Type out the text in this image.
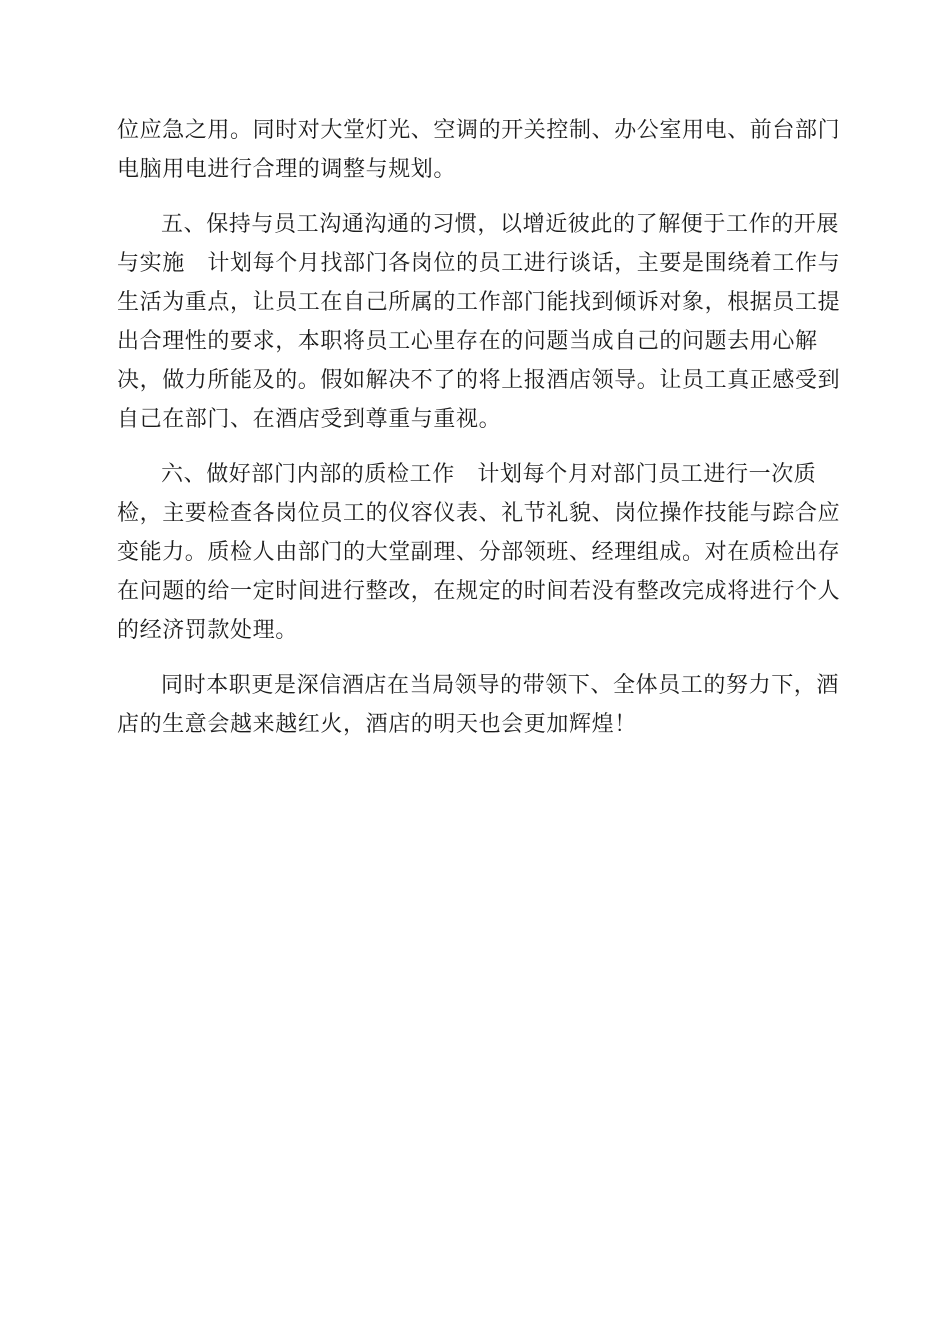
位应急之用。同时对大堂灯光、空调的开关控制、办公室用电、前台部门
电脑用电进行合理的调整与规划。

五、保持与员工沟通沟通的习惯，以增近彼此的了解便于工作的开展
与实施　计划每个月找部门各岗位的员工进行谈话，主要是围绕着工作与
生活为重点，让员工在自己所属的工作部门能找到倾诉对象，根据员工提
出合理性的要求，本职将员工心里存在的问题当成自己的问题去用心解
决，做力所能及的。假如解决不了的将上报酒店领导。让员工真正感受到
自己在部门、在酒店受到尊重与重视。

六、做好部门内部的质检工作　计划每个月对部门员工进行一次质
检，主要检查各岗位员工的仪容仪表、礼节礼貌、岗位操作技能与踪合应
变能力。质检人由部门的大堂副理、分部领班、经理组成。对在质检出存
在问题的给一定时间进行整改，在规定的时间若没有整改完成将进行个人
的经济罚款处理。

同时本职更是深信酒店在当局领导的带领下、全体员工的努力下，酒
店的生意会越来越红火，酒店的明天也会更加辉煌！
